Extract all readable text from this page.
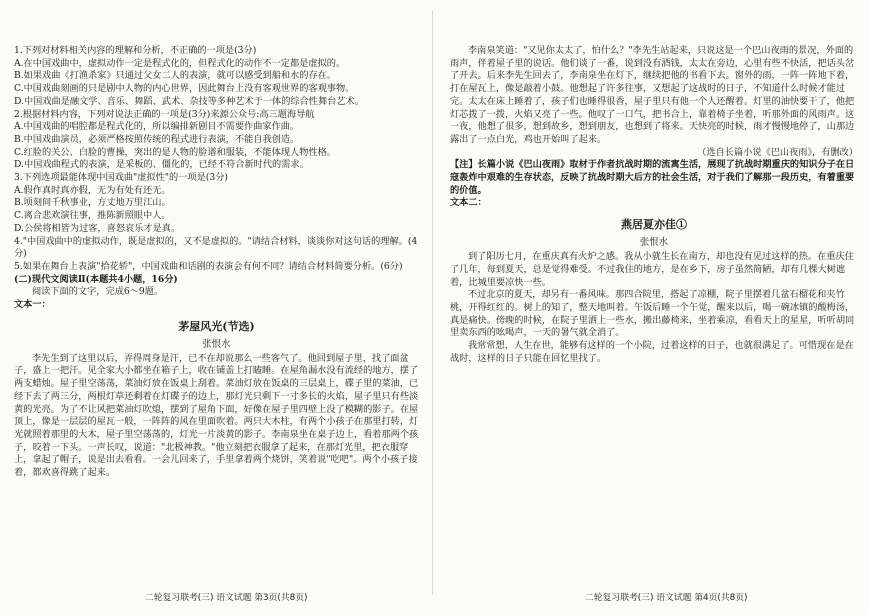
1.下列对材料相关内容的理解和分析，不正确的一项是(3分)

A.在中国戏曲中，虚拟动作一定是程式化的，但程式化的动作不一定都是虚拟的。

B.如果戏曲《打渔杀家》只通过父女二人的表演，就可以感受到船和水的存在。

C.中国戏曲刻画的只是剧中人物的内心世界，因此舞台上没有客观世界的客观事物。

D.中国戏曲是融文学、音乐、舞蹈、武术、杂技等多种艺术于一体的综合性舞台艺术。

2.根据材料内容，下列对说法正确的一项是(3分)来源公众号:高三题海导航

A.中国戏曲的唱腔都是程式化的，所以编排新剧目不需要作曲家作曲。

B.中国戏曲演员，必须严格按照传统的程式进行表演，不能自我创造。

C.红脸的关公、白脸的曹操，突出的是人物的脸谱和服装，不能体现人物性格。

D.中国戏曲程式的表演，是采板的、僵化的，已经不符合新时代的需求。

3.下列选项最能体现中国戏曲"虚拟性"的一项是(3分)

A.假作真时真亦假，无为有处有还无。

B.顷刻间千秋事业，方丈地万里江山。

C.离合悲欢演往事，推陈新照眼中人。

D.公侯将相皆为过客，喜怒哀乐才是真。

4."中国戏曲中的虚拟动作，既是虚拟的，又不是虚拟的。"请结合材料，谈谈你对这句话的理解。(4分)

5.如果在舞台上表演"拾花轿"，中国戏曲和话剧的表演会有何不同？请结合材料简要分析。(6分)

(二)现代文阅读Ⅱ(本题共4小题，16分)

阅读下面的文字，完成6～9题。

文本一：

茅屋风光(节选)
张恨水

李先生到了这里以后，弄得周身是汗，已不在却说那么一些客气了。他回到屋子里，找了面盆子，盛上一把汗。见全家大小都坐在箱子上，收在铺盖上打瞌睡。在屋角漏水没有流经的地方，摆了两支蜡烛。屋子里空荡荡，菜油灯放在饭桌上刮着。菜油灯放在饭桌的三层桌上，碟子里的菜油，已经下去了两三分，两根灯草还剩着在灯碟子的边上，那灯光只剩下一寸多长的火焰，屋子里只有些淡黄的光亮。为了不让风把菜油灯吹熄，摆到了屋角下面，好像在屋子里四壁上没了模糊的影子。在屋顶上，像是一层层的屋瓦一般，一阵阵的风在里面吹着。两只大木柱，有两个小孩子在那里打转，灯光就照着那里的大木，屋子里空荡荡的，灯光一片淡黄的影子。李南泉坐在桌子边上，看着那两个孩子，咬着一下头。一声长叹，说道："北极神教。"他立刻把衣服拿了起来，在那灯光里，把衣服穿上，拿起了帽子，说是出去看看。一会儿回来了，手里拿着两个烧饼，笑着说"吃吧"。两个小孩子接着，都欢喜得跳了起来。

李南泉笑道："又见你太太了，怕什么？"李先生站起来，只说这是一个巴山夜雨的景况，外面的雨声，伴着屋子里的说话。他们谈了一番，说到没有酒钱，太太在旁边，心里有些不快活，把话头岔了开去。后来李先生回去了，李南泉坐在灯下，继续把他的书看下去。窗外的雨，一阵一阵地下着，打在屋瓦上，像是敲着小鼓。他想起了许多往事，又想起了这战时的日子，不知道什么时候才能过完。太太在床上睡着了，孩子们也睡得很香，屋子里只有他一个人还醒着。灯里的油快要干了，他把灯芯拨了一拨，火焰又亮了一些。他叹了一口气，把书合上，靠着椅子坐着，听那外面的风雨声。这一夜，他想了很多，想到故乡，想到朋友，也想到了将来。天快亮的时候，雨才慢慢地停了，山那边露出了一点白光，鸡也开始叫了起来。

（选自长篇小说《巴山夜雨》，有删改）

【注】长篇小说《巴山夜雨》取材于作者抗战时期的流寓生活，展现了抗战时期重庆的知识分子在日寇轰炸中艰难的生存状态，反映了抗战时期大后方的社会生活，对于我们了解那一段历史，有着重要的价值。

文本二：

燕居夏亦佳①
张恨水

到了阳历七月，在重庆真有火炉之感。我从小就生长在南方，却也没有见过这样的热。在重庆住了几年，每到夏天，总是觉得难受。不过我住的地方，是在乡下，房子虽然简陋，却有几棵大树遮着，比城里要凉快一些。

不过北京的夏天，却另有一番风味。那四合院里，搭起了凉棚，院子里摆着几盆石榴花和夹竹桃，开得红红的。树上的知了，整天地叫着。午饭后睡一个午觉，醒来以后，喝一碗冰镇的酸梅汤，真是痛快。傍晚的时候，在院子里洒上一些水，搬出藤椅来，坐着乘凉，看看天上的星星，听听胡同里卖东西的吆喝声，一天的暑气就全消了。

我常常想，人生在世，能够有这样的一个小院，过着这样的日子，也就很满足了。可惜现在是在战时，这样的日子只能在回忆里找了。

二轮复习联考(三) 语文试题 第3页(共8页)	二轮复习联考(三) 语文试题 第4页(共8页)
